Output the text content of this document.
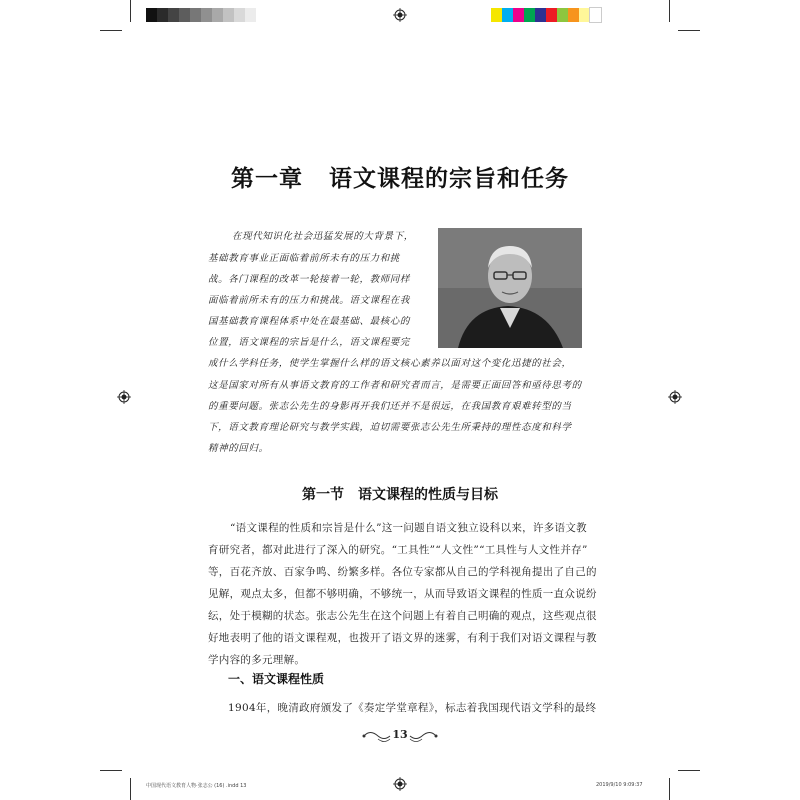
第一章 语文课程的宗旨和任务
在现代知识化社会迅猛发展的大背景下，
基础教育事业正面临着前所未有的压力和挑
战。各门课程的改革一轮接着一轮，教师同样
面临着前所未有的压力和挑战。语文课程在我
国基础教育课程体系中处在最基础、最核心的
位置，语文课程的宗旨是什么，语文课程要完
成什么学科任务，使学生掌握什么样的语文核心素养以面对这个变化迅捷的社会，
这是国家对所有从事语文教育的工作者和研究者而言，是需要正面回答和亟待思考的
的重要问题。张志公先生的身影再开我们还并不是很远，在我国教育艰难转型的当
下，语文教育理论研究与教学实践，迫切需要张志公先生所秉持的理性态度和科学
精神的回归。
第一节 语文课程的性质与目标
“语文课程的性质和宗旨是什么”这一问题自语文独立设科以来，许多语文教
育研究者，都对此进行了深入的研究。“工具性”“人文性”“工具性与人文性并存”
等，百花齐放、百家争鸣、纷繁多样。各位专家都从自己的学科视角提出了自己的
见解，观点太多，但都不够明确，不够统一，从而导致语文课程的性质一直众说纷
纭，处于模糊的状态。张志公先生在这个问题上有着自己明确的观点，这些观点很
好地表明了他的语文课程观，也拨开了语文界的迷雾，有利于我们对语文课程与教
学内容的多元理解。
一、语文课程性质
1904年，晚清政府颁发了《奏定学堂章程》，标志着我国现代语文学科的最终
13
中国现代语文教育人物·张志公 (16) .indd 13	2019/9/10 9:09:37
